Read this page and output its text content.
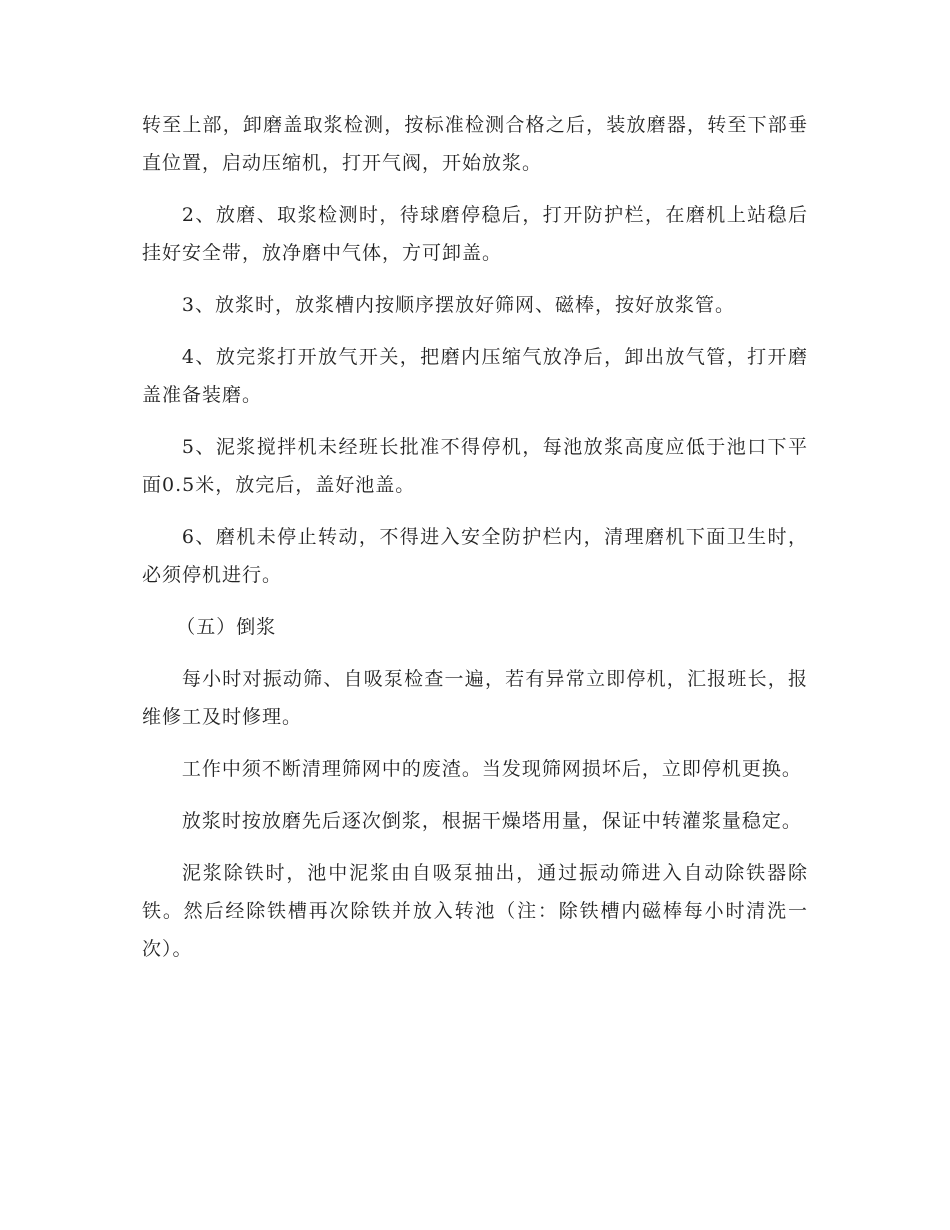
转至上部，卸磨盖取浆检测，按标准检测合格之后，装放磨器，转至下部垂直位置，启动压缩机，打开气阀，开始放浆。

2、放磨、取浆检测时，待球磨停稳后，打开防护栏，在磨机上站稳后挂好安全带，放净磨中气体，方可卸盖。

3、放浆时，放浆槽内按顺序摆放好筛网、磁棒，按好放浆管。

4、放完浆打开放气开关，把磨内压缩气放净后，卸出放气管，打开磨盖准备装磨。

5、泥浆搅拌机未经班长批准不得停机，每池放浆高度应低于池口下平面0.5米，放完后，盖好池盖。

6、磨机未停止转动，不得进入安全防护栏内，清理磨机下面卫生时，必须停机进行。

（五）倒浆

每小时对振动筛、自吸泵检查一遍，若有异常立即停机，汇报班长，报维修工及时修理。

工作中须不断清理筛网中的废渣。当发现筛网损坏后，立即停机更换。

放浆时按放磨先后逐次倒浆，根据干燥塔用量，保证中转灌浆量稳定。

泥浆除铁时，池中泥浆由自吸泵抽出，通过振动筛进入自动除铁器除铁。然后经除铁槽再次除铁并放入转池（注：除铁槽内磁棒每小时清洗一次）。
